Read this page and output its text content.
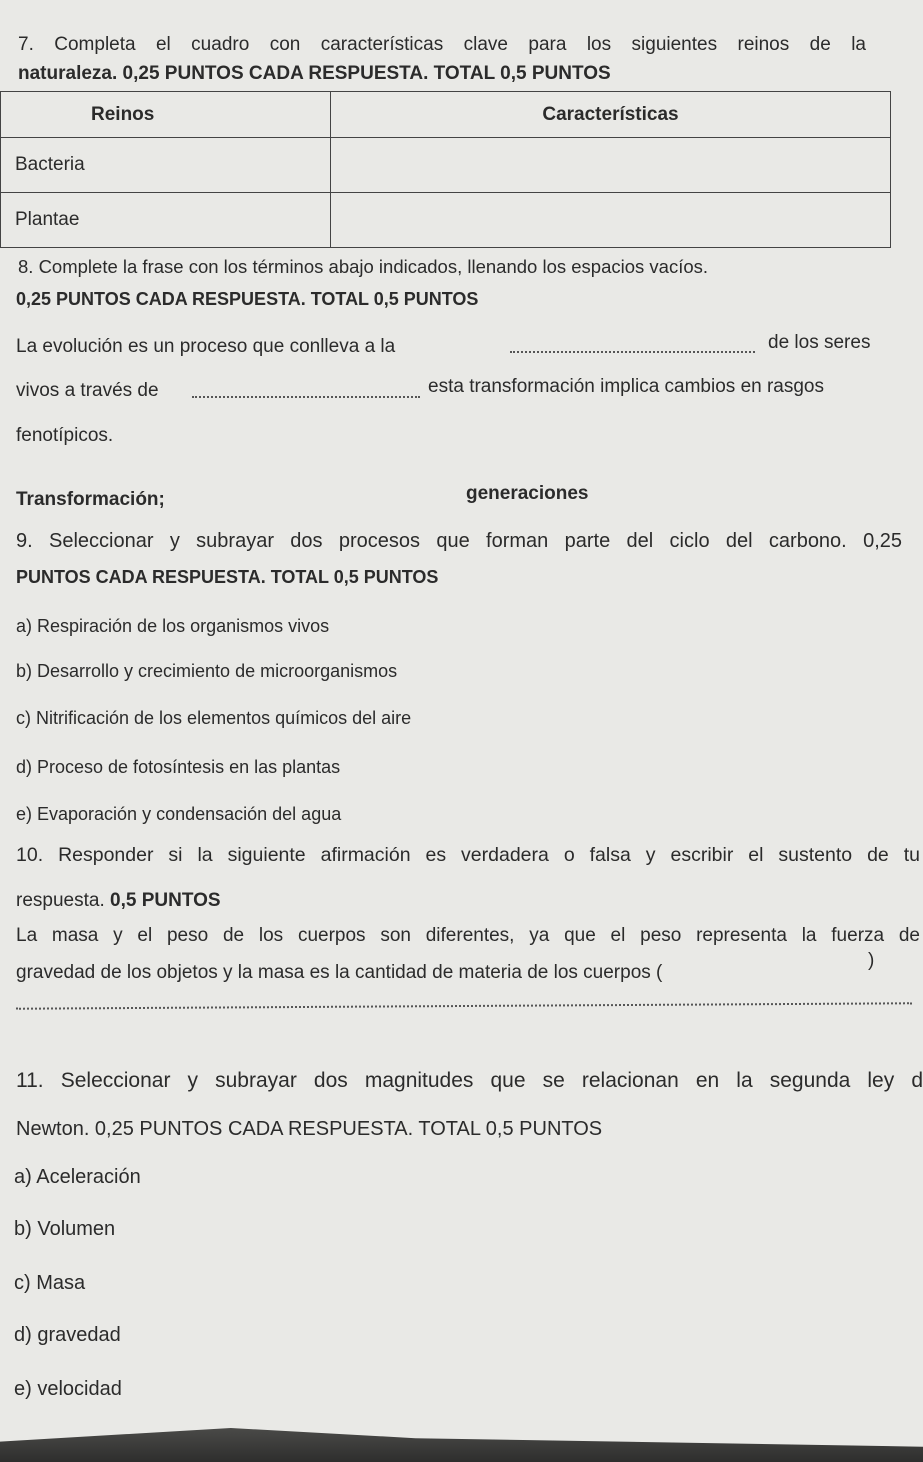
7. Completa el cuadro con características clave para los siguientes reinos de la
naturaleza. 0,25 PUNTOS CADA RESPUESTA. TOTAL 0,5 PUNTOS
Reinos	Características
Bacteria	
Plantae	
8. Complete la frase con los términos abajo indicados, llenando los espacios vacíos.
0,25 PUNTOS CADA RESPUESTA. TOTAL 0,5 PUNTOS
La evolución es un proceso que conlleva a la	de los seres
vivos a través de	esta transformación implica cambios en rasgos
fenotípicos.
Transformación;	generaciones
9. Seleccionar y subrayar dos procesos que forman parte del ciclo del carbono. 0,25
PUNTOS CADA RESPUESTA. TOTAL 0,5 PUNTOS
a) Respiración de los organismos vivos
b) Desarrollo y crecimiento de microorganismos
c) Nitrificación de los elementos químicos del aire
d) Proceso de fotosíntesis en las plantas
e) Evaporación y condensación del agua
10. Responder si la siguiente afirmación es verdadera o falsa y escribir el sustento de tu
respuesta. 0,5 PUNTOS
La masa y el peso de los cuerpos son diferentes, ya que el peso representa la fuerza de
gravedad de los objetos y la masa es la cantidad de materia de los cuerpos (
)
11. Seleccionar y subrayar dos magnitudes que se relacionan en la segunda ley d
Newton. 0,25 PUNTOS CADA RESPUESTA. TOTAL 0,5 PUNTOS
a) Aceleración
b) Volumen
c) Masa
d) gravedad
e) velocidad
